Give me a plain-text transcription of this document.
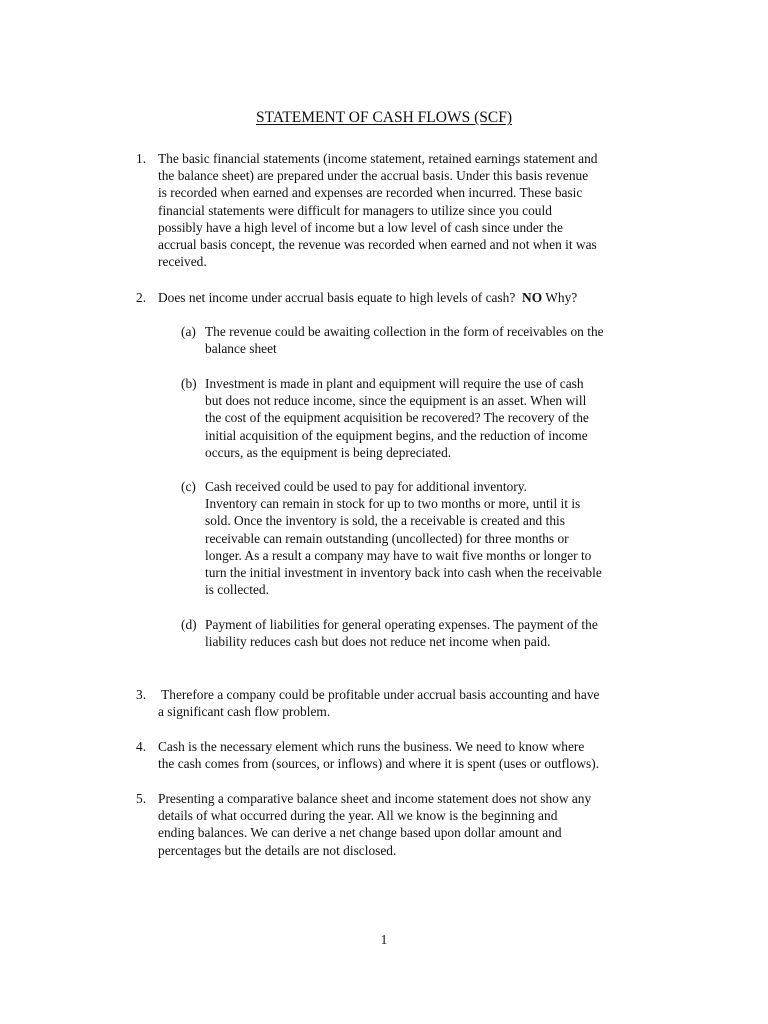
STATEMENT OF CASH FLOWS (SCF)
1. The basic financial statements (income statement, retained earnings statement and
the balance sheet) are prepared under the accrual basis. Under this basis revenue
is recorded when earned and expenses are recorded when incurred. These basic
financial statements were difficult for managers to utilize since you could
possibly have a high level of income but a low level of cash since under the
accrual basis concept, the revenue was recorded when earned and not when it was
received.
2. Does net income under accrual basis equate to high levels of cash?  NO Why?
(a) The revenue could be awaiting collection in the form of receivables on the
balance sheet
(b) Investment is made in plant and equipment will require the use of cash
but does not reduce income, since the equipment is an asset. When will
the cost of the equipment acquisition be recovered? The recovery of the
initial acquisition of the equipment begins, and the reduction of income
occurs, as the equipment is being depreciated.
(c) Cash received could be used to pay for additional inventory.
Inventory can remain in stock for up to two months or more, until it is
sold. Once the inventory is sold, the a receivable is created and this
receivable can remain outstanding (uncollected) for three months or
longer. As a result a company may have to wait five months or longer to
turn the initial investment in inventory back into cash when the receivable
is collected.
(d) Payment of liabilities for general operating expenses. The payment of the
liability reduces cash but does not reduce net income when paid.
3. Therefore a company could be profitable under accrual basis accounting and have
a significant cash flow problem.
4. Cash is the necessary element which runs the business. We need to know where
the cash comes from (sources, or inflows) and where it is spent (uses or outflows).
5. Presenting a comparative balance sheet and income statement does not show any
details of what occurred during the year. All we know is the beginning and
ending balances. We can derive a net change based upon dollar amount and
percentages but the details are not disclosed.
1
